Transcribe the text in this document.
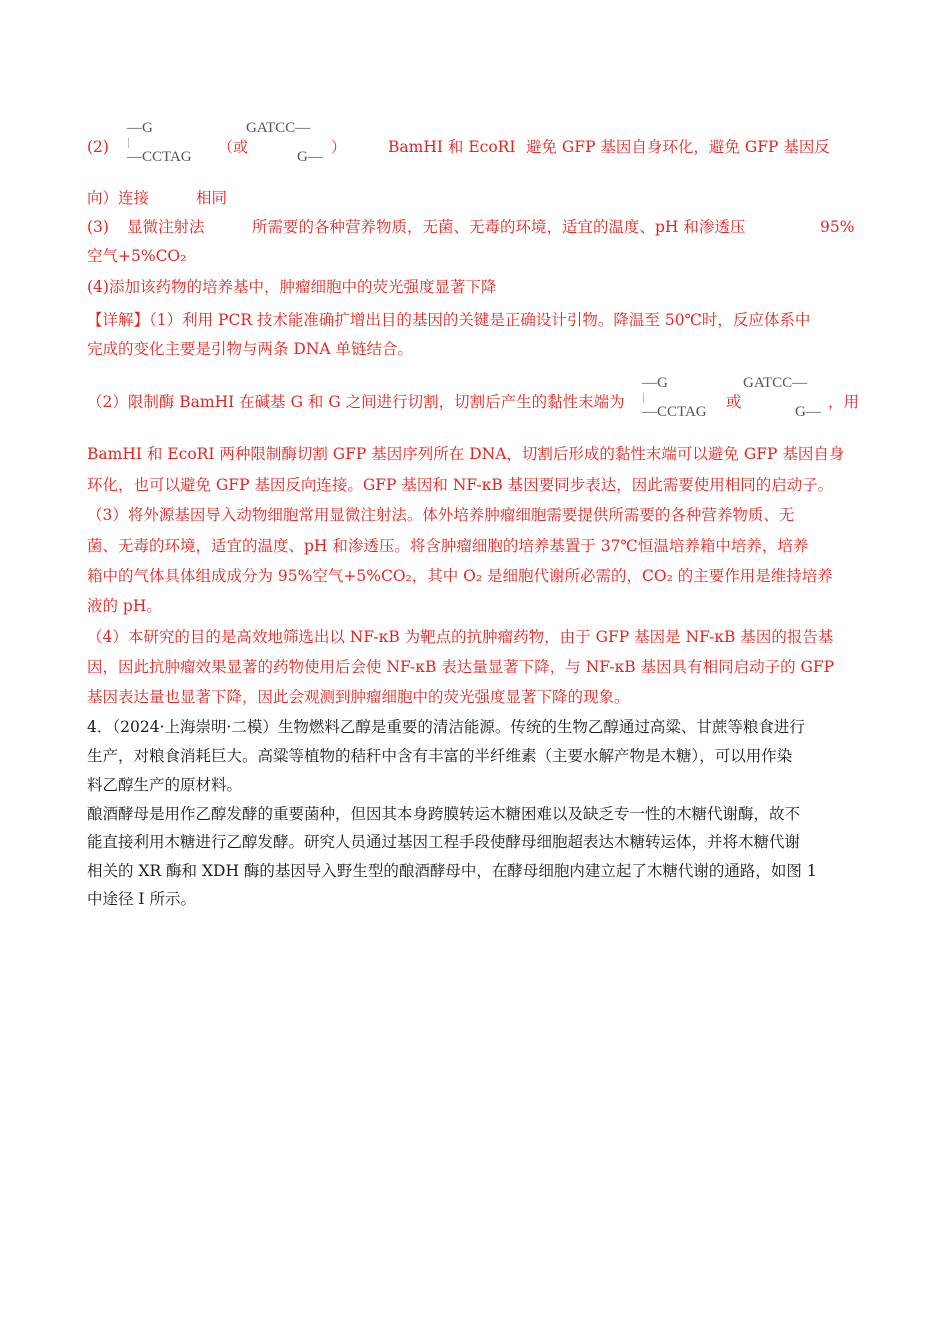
(2)
—G
—CCTAG
（或
GATCC—
G—
）	BamHI 和 EcoRI 避免 GFP 基因自身环化，避免 GFP 基因反
向）连接	相同
(3) 显微注射法	所需要的各种营养物质，无菌、无毒的环境，适宜的温度、pH 和渗透压	95%
空气+5%CO₂
(4)添加该药物的培养基中，肿瘤细胞中的荧光强度显著下降
【详解】（1）利用 PCR 技术能准确扩增出目的基因的关键是正确设计引物。降温至 50℃时，反应体系中
完成的变化主要是引物与两条 DNA 单链结合。
（2）限制酶 BamHI 在碱基 G 和 G 之间进行切割，切割后产生的黏性末端为
—G
—CCTAG
或
GATCC—
G—
，用
BamHI 和 EcoRI 两种限制酶切割 GFP 基因序列所在 DNA，切割后形成的黏性末端可以避免 GFP 基因自身
环化，也可以避免 GFP 基因反向连接。GFP 基因和 NF-κB 基因要同步表达，因此需要使用相同的启动子。
（3）将外源基因导入动物细胞常用显微注射法。体外培养肿瘤细胞需要提供所需要的各种营养物质、无
菌、无毒的环境，适宜的温度、pH 和渗透压。将含肿瘤细胞的培养基置于 37℃恒温培养箱中培养，培养
箱中的气体具体组成成分为 95%空气+5%CO₂，其中 O₂ 是细胞代谢所必需的，CO₂ 的主要作用是维持培养
液的 pH。
（4）本研究的目的是高效地筛选出以 NF-κB 为靶点的抗肿瘤药物，由于 GFP 基因是 NF-κB 基因的报告基
因，因此抗肿瘤效果显著的药物使用后会使 NF-κB 表达量显著下降，与 NF-κB 基因具有相同启动子的 GFP
基因表达量也显著下降，因此会观测到肿瘤细胞中的荧光强度显著下降的现象。
4．（2024·上海崇明·二模）生物燃料乙醇是重要的清洁能源。传统的生物乙醇通过高粱、甘蔗等粮食进行
生产，对粮食消耗巨大。高粱等植物的秸秆中含有丰富的半纤维素（主要水解产物是木糖），可以用作染
料乙醇生产的原材料。
酿酒酵母是用作乙醇发酵的重要菌种，但因其本身跨膜转运木糖困难以及缺乏专一性的木糖代谢酶，故不
能直接利用木糖进行乙醇发酵。研究人员通过基因工程手段使酵母细胞超表达木糖转运体，并将木糖代谢
相关的 XR 酶和 XDH 酶的基因导入野生型的酿酒酵母中，在酵母细胞内建立起了木糖代谢的通路，如图 1
中途径 I 所示。
